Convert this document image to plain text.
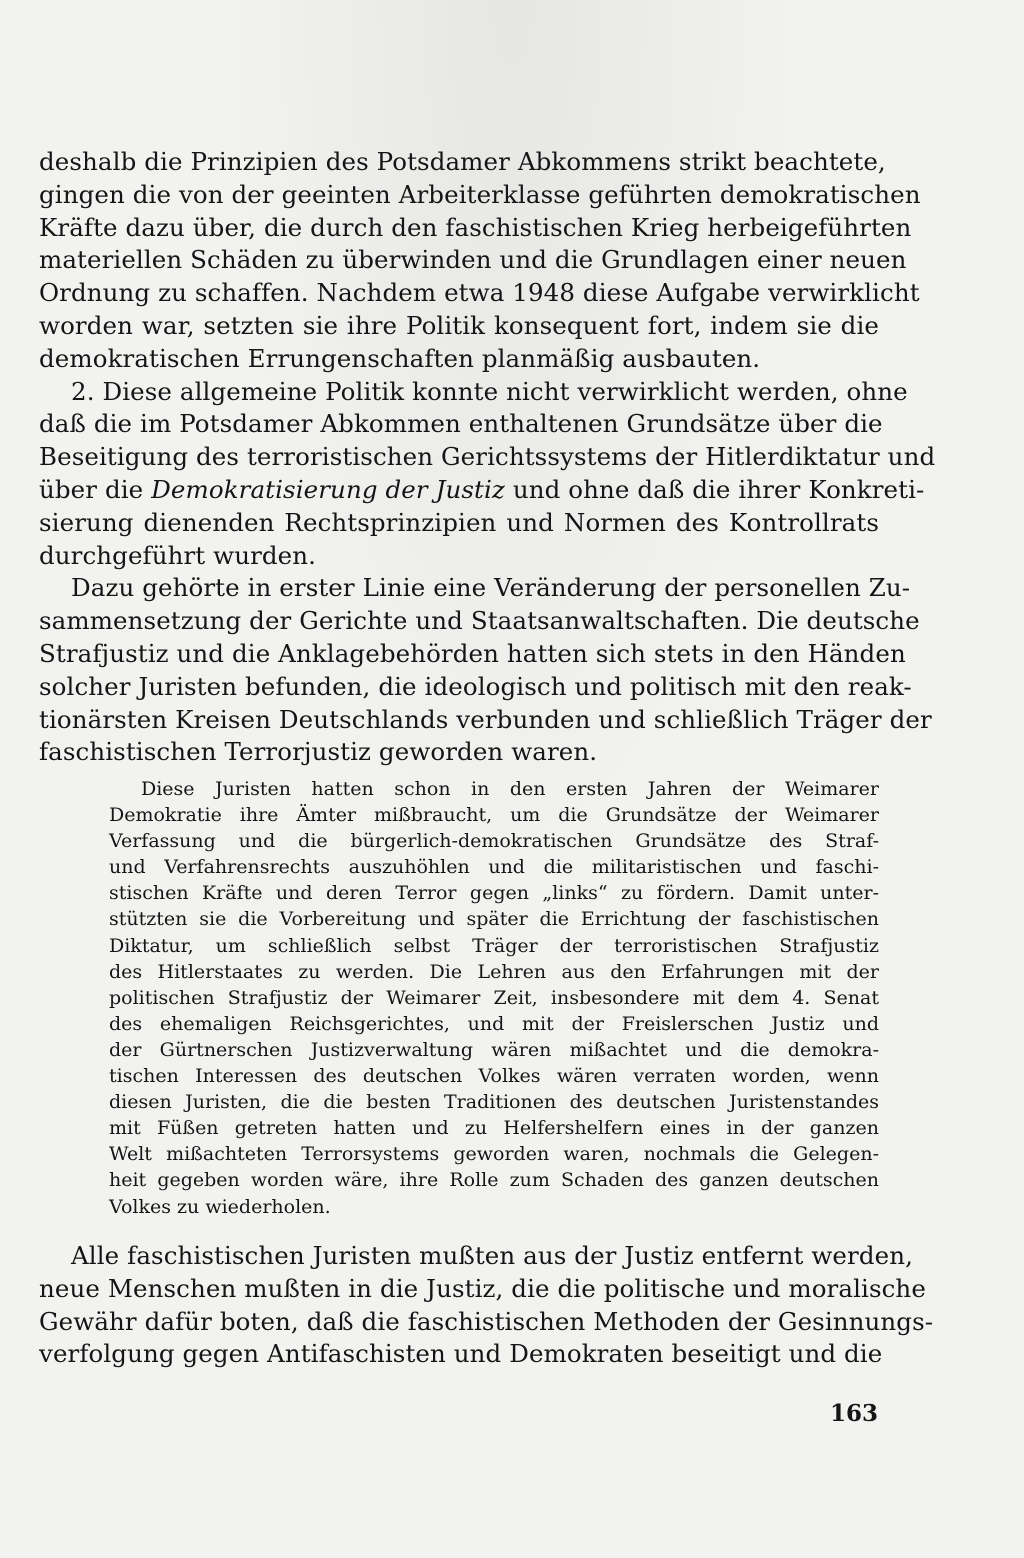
deshalb die Prinzipien des Potsdamer Abkommens strikt beachtete,
gingen die von der geeinten Arbeiterklasse geführten demokratischen
Kräfte dazu über, die durch den faschistischen Krieg herbeigeführten
materiellen Schäden zu überwinden und die Grundlagen einer neuen
Ordnung zu schaffen. Nachdem etwa 1948 diese Aufgabe verwirklicht
worden war, setzten sie ihre Politik konsequent fort, indem sie die
demokratischen Errungenschaften planmäßig ausbauten.
2. Diese allgemeine Politik konnte nicht verwirklicht werden, ohne
daß die im Potsdamer Abkommen enthaltenen Grundsätze über die
Beseitigung des terroristischen Gerichtssystems der Hitlerdiktatur und
über die Demokratisierung der Justiz und ohne daß die ihrer Konkreti-
sierung dienenden Rechtsprinzipien und Normen des Kontrollrats
durchgeführt wurden.
Dazu gehörte in erster Linie eine Veränderung der personellen Zu-
sammensetzung der Gerichte und Staatsanwaltschaften. Die deutsche
Strafjustiz und die Anklagebehörden hatten sich stets in den Händen
solcher Juristen befunden, die ideologisch und politisch mit den reak-
tionärsten Kreisen Deutschlands verbunden und schließlich Träger der
faschistischen Terrorjustiz geworden waren.
Diese Juristen hatten schon in den ersten Jahren der Weimarer
Demokratie ihre Ämter mißbraucht, um die Grundsätze der Weimarer
Verfassung und die bürgerlich-demokratischen Grundsätze des Straf-
und Verfahrensrechts auszuhöhlen und die militaristischen und faschi-
stischen Kräfte und deren Terror gegen „links“ zu fördern. Damit unter-
stützten sie die Vorbereitung und später die Errichtung der faschistischen
Diktatur, um schließlich selbst Träger der terroristischen Strafjustiz
des Hitlerstaates zu werden. Die Lehren aus den Erfahrungen mit der
politischen Strafjustiz der Weimarer Zeit, insbesondere mit dem 4. Senat
des ehemaligen Reichsgerichtes, und mit der Freislerschen Justiz und
der Gürtnerschen Justizverwaltung wären mißachtet und die demokra-
tischen Interessen des deutschen Volkes wären verraten worden, wenn
diesen Juristen, die die besten Traditionen des deutschen Juristenstandes
mit Füßen getreten hatten und zu Helfershelfern eines in der ganzen
Welt mißachteten Terrorsystems geworden waren, nochmals die Gelegen-
heit gegeben worden wäre, ihre Rolle zum Schaden des ganzen deutschen
Volkes zu wiederholen.
Alle faschistischen Juristen mußten aus der Justiz entfernt werden,
neue Menschen mußten in die Justiz, die die politische und moralische
Gewähr dafür boten, daß die faschistischen Methoden der Gesinnungs-
verfolgung gegen Antifaschisten und Demokraten beseitigt und die
163
